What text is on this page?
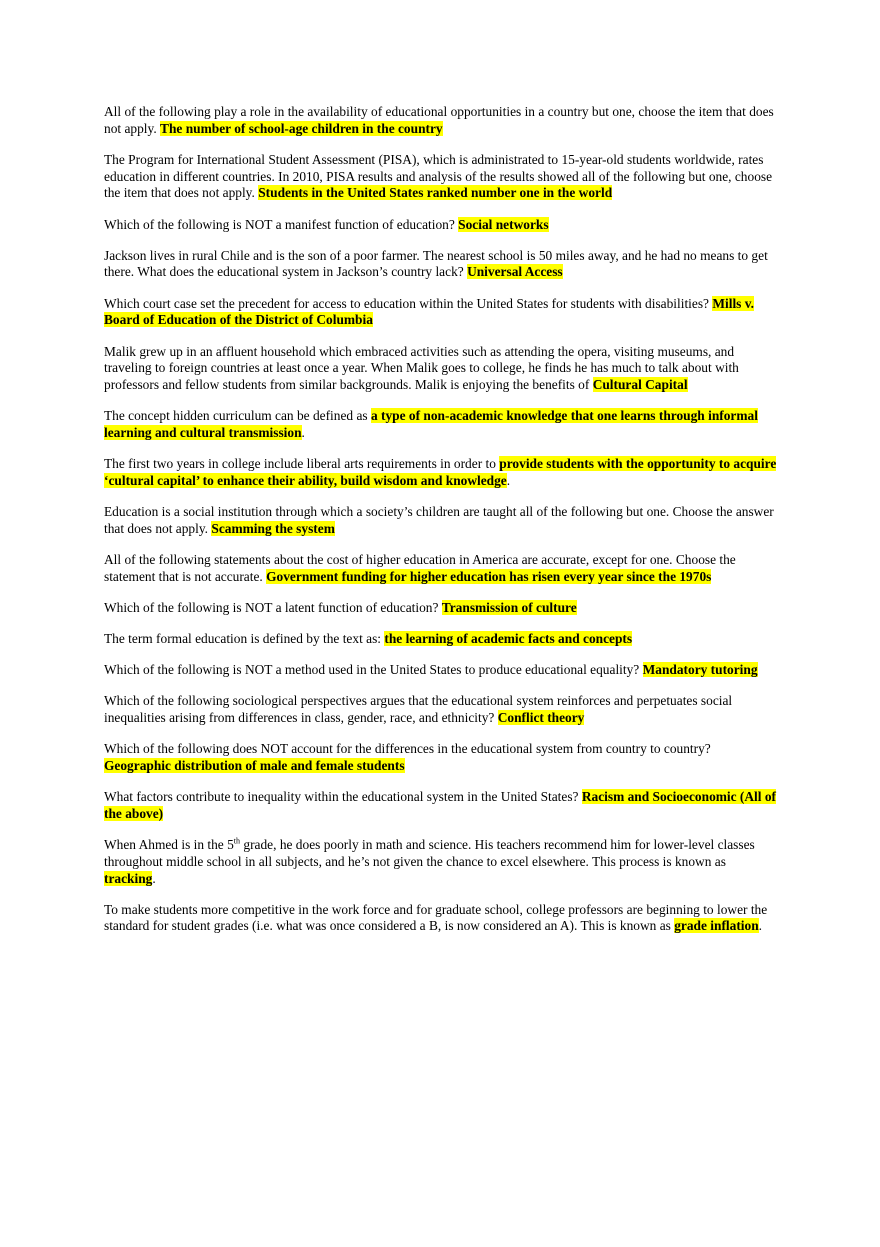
All of the following play a role in the availability of educational opportunities in a country but one, choose the item that does not apply. The number of school-age children in the country

The Program for International Student Assessment (PISA), which is administrated to 15-year-old students worldwide, rates education in different countries. In 2010, PISA results and analysis of the results showed all of the following but one, choose the item that does not apply. Students in the United States ranked number one in the world

Which of the following is NOT a manifest function of education? Social networks

Jackson lives in rural Chile and is the son of a poor farmer. The nearest school is 50 miles away, and he had no means to get there. What does the educational system in Jackson’s country lack? Universal Access

Which court case set the precedent for access to education within the United States for students with disabilities? Mills v. Board of Education of the District of Columbia

Malik grew up in an affluent household which embraced activities such as attending the opera, visiting museums, and traveling to foreign countries at least once a year. When Malik goes to college, he finds he has much to talk about with professors and fellow students from similar backgrounds. Malik is enjoying the benefits of Cultural Capital

The concept hidden curriculum can be defined as a type of non-academic knowledge that one learns through informal learning and cultural transmission.

The first two years in college include liberal arts requirements in order to provide students with the opportunity to acquire ‘cultural capital’ to enhance their ability, build wisdom and knowledge.

Education is a social institution through which a society’s children are taught all of the following but one. Choose the answer that does not apply. Scamming the system

All of the following statements about the cost of higher education in America are accurate, except for one. Choose the statement that is not accurate. Government funding for higher education has risen every year since the 1970s

Which of the following is NOT a latent function of education? Transmission of culture

The term formal education is defined by the text as: the learning of academic facts and concepts

Which of the following is NOT a method used in the United States to produce educational equality? Mandatory tutoring

Which of the following sociological perspectives argues that the educational system reinforces and perpetuates social inequalities arising from differences in class, gender, race, and ethnicity? Conflict theory

Which of the following does NOT account for the differences in the educational system from country to country? Geographic distribution of male and female students

What factors contribute to inequality within the educational system in the United States? Racism and Socioeconomic (All of the above)

When Ahmed is in the 5th grade, he does poorly in math and science. His teachers recommend him for lower-level classes throughout middle school in all subjects, and he’s not given the chance to excel elsewhere. This process is known as tracking.

To make students more competitive in the work force and for graduate school, college professors are beginning to lower the standard for student grades (i.e. what was once considered a B, is now considered an A). This is known as grade inflation.
